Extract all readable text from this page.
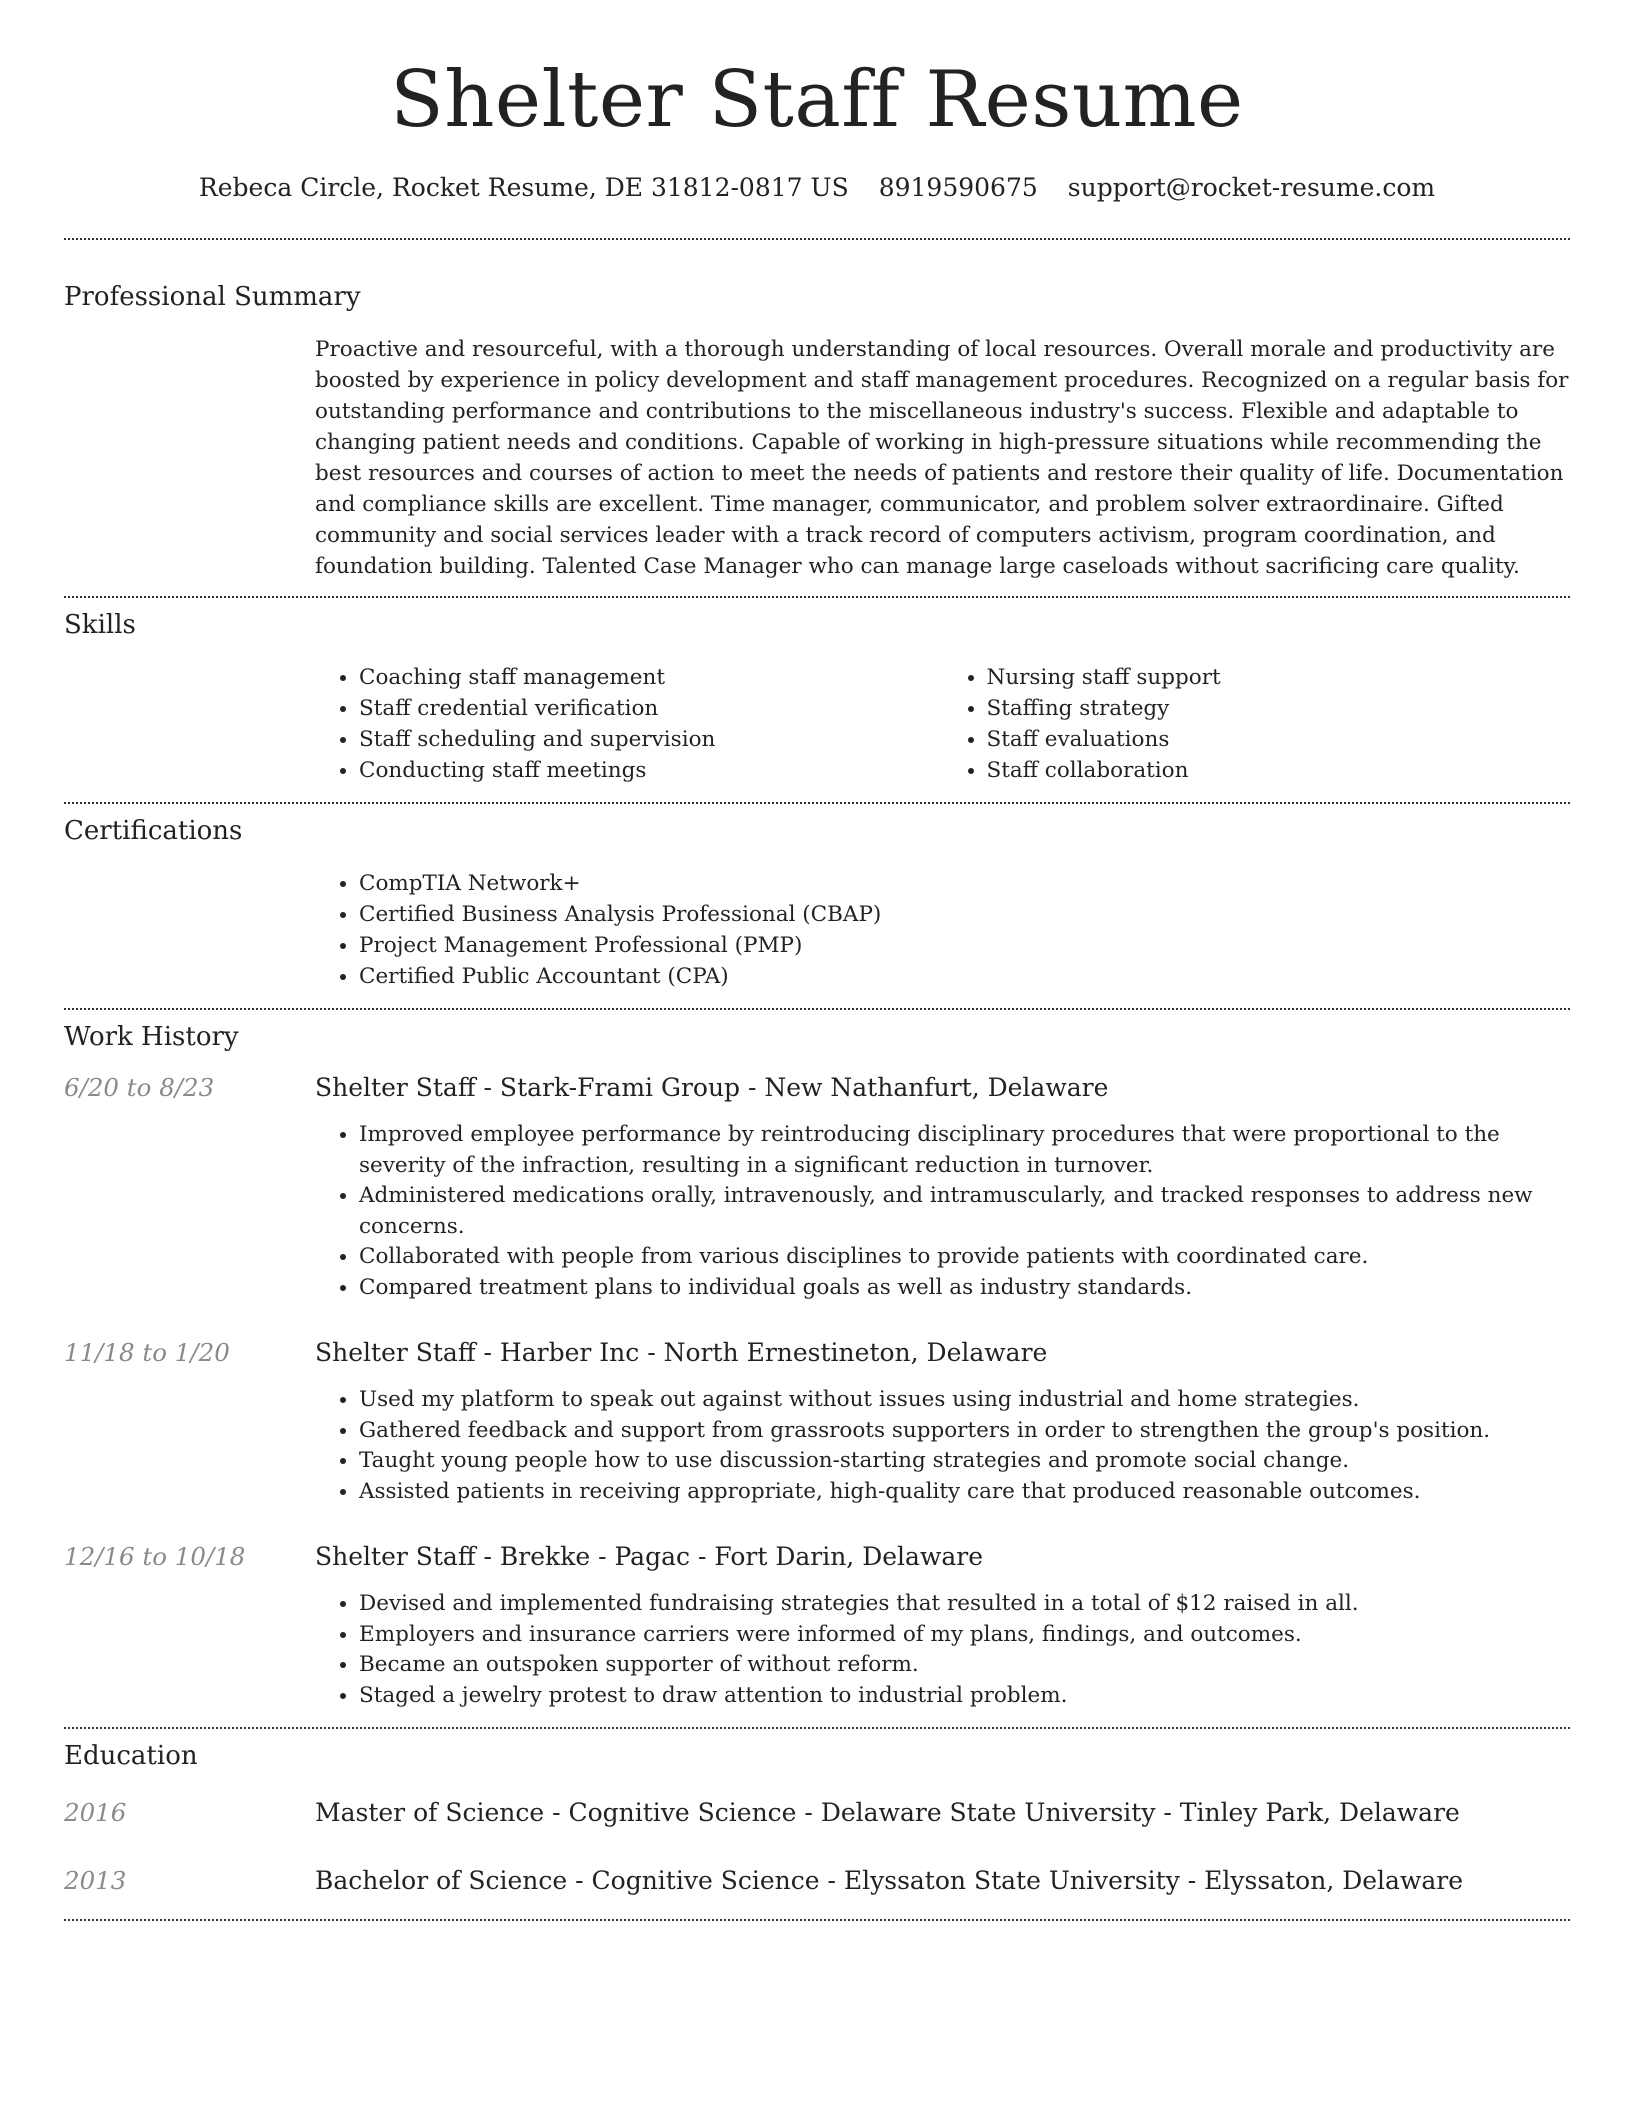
Shelter Staff Resume
Rebeca Circle, Rocket Resume, DE 31812-0817 US 8919590675 support@rocket-resume.com
Professional Summary

Proactive and resourceful, with a thorough understanding of local resources. Overall morale and productivity are boosted by experience in policy development and staff management procedures. Recognized on a regular basis for outstanding performance and contributions to the miscellaneous industry's success. Flexible and adaptable to changing patient needs and conditions. Capable of working in high-pressure situations while recommending the best resources and courses of action to meet the needs of patients and restore their quality of life. Documentation and compliance skills are excellent. Time manager, communicator, and problem solver extraordinaire. Gifted community and social services leader with a track record of computers activism, program coordination, and foundation building. Talented Case Manager who can manage large caseloads without sacrificing care quality.

Skills
• Coaching staff management
• Staff credential verification
• Staff scheduling and supervision
• Conducting staff meetings
• Nursing staff support
• Staffing strategy
• Staff evaluations
• Staff collaboration
Certifications
• CompTIA Network+
• Certified Business Analysis Professional (CBAP)
• Project Management Professional (PMP)
• Certified Public Accountant (CPA)
Work History
6/20 to 8/23	Shelter Staff - Stark-Frami Group - New Nathanfurt, Delaware
• Improved employee performance by reintroducing disciplinary procedures that were proportional to the severity of the infraction, resulting in a significant reduction in turnover.
• Administered medications orally, intravenously, and intramuscularly, and tracked responses to address new concerns.
• Collaborated with people from various disciplines to provide patients with coordinated care.
• Compared treatment plans to individual goals as well as industry standards.
11/18 to 1/20	Shelter Staff - Harber Inc - North Ernestineton, Delaware
• Used my platform to speak out against without issues using industrial and home strategies.
• Gathered feedback and support from grassroots supporters in order to strengthen the group's position.
• Taught young people how to use discussion-starting strategies and promote social change.
• Assisted patients in receiving appropriate, high-quality care that produced reasonable outcomes.
12/16 to 10/18	Shelter Staff - Brekke - Pagac - Fort Darin, Delaware
• Devised and implemented fundraising strategies that resulted in a total of $12 raised in all.
• Employers and insurance carriers were informed of my plans, findings, and outcomes.
• Became an outspoken supporter of without reform.
• Staged a jewelry protest to draw attention to industrial problem.
Education
2016	Master of Science - Cognitive Science - Delaware State University - Tinley Park, Delaware
2013	Bachelor of Science - Cognitive Science - Elyssaton State University - Elyssaton, Delaware
